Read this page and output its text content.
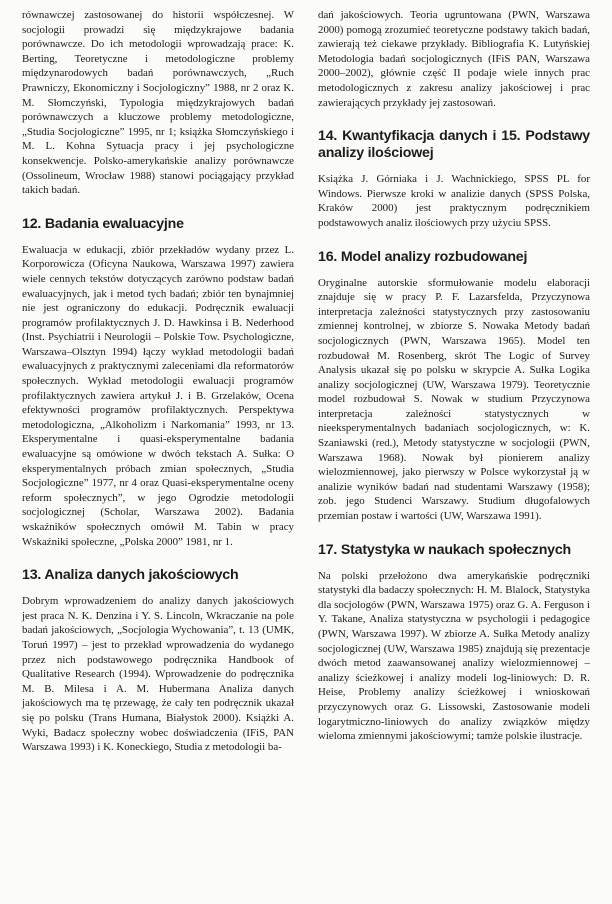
równawczej zastosowanej do historii współczesnej. W socjologii prowadzi się międzykrajowe badania porównawcze. Do ich metodologii wprowadzają prace: K. Berting, Teoretyczne i metodologiczne problemy międzynarodowych badań porównawczych, „Ruch Prawniczy, Ekonomiczny i Socjologiczny” 1988, nr 2 oraz K. M. Słomczyński, Typologia międzykrajowych badań porównawczych a kluczowe problemy metodologiczne, „Studia Socjologiczne” 1995, nr 1; książka Słomczyńskiego i M. L. Kohna Sytuacja pracy i jej psychologiczne konsekwencje. Polsko-amerykańskie analizy porównawcze (Ossolineum, Wrocław 1988) stanowi pociągający przykład takich badań.

12. Badania ewaluacyjne

Ewaluacja w edukacji, zbiór przekładów wydany przez L. Korporowicza (Oficyna Naukowa, Warszawa 1997) zawiera wiele cennych tekstów dotyczących zarówno podstaw badań ewaluacyjnych, jak i metod tych badań; zbiór ten bynajmniej nie jest ograniczony do edukacji. Podręcznik ewaluacji programów profilaktycznych J. D. Hawkinsa i B. Nederhood (Inst. Psychiatrii i Neurologii – Polskie Tow. Psychologiczne, Warszawa–Olsztyn 1994) łączy wykład metodologii badań ewaluacyjnych z praktycznymi zaleceniami dla reformatorów społecznych. Wykład metodologii ewaluacji programów profilaktycznych zawiera artykuł J. i B. Grzelaków, Ocena efektywności programów profilaktycznych. Perspektywa metodologiczna, „Alkoholizm i Narkomania” 1993, nr 13. Eksperymentalne i quasi-eksperymentalne badania ewaluacyjne są omówione w dwóch tekstach A. Sułka: O eksperymentalnych próbach zmian społecznych, „Studia Socjologiczne” 1977, nr 4 oraz Quasi-eksperymentalne oceny reform społecznych”, w jego Ogrodzie metodologii socjologicznej (Scholar, Warszawa 2002). Badania wskaźników społecznych omówił M. Tabin w pracy Wskaźniki społeczne, „Polska 2000” 1981, nr 1.

13. Analiza danych jakościowych

Dobrym wprowadzeniem do analizy danych jakościowych jest praca N. K. Denzina i Y. S. Lincoln, Wkraczanie na pole badań jakościowych, „Socjologia Wychowania”, t. 13 (UMK, Toruń 1997) – jest to przekład wprowadzenia do wydanego przez nich podstawowego podręcznika Handbook of Qualitative Research (1994). Wprowadzenie do podręcznika M. B. Milesa i A. M. Hubermana Analiza danych jakościowych ma tę przewagę, że cały ten podręcznik ukazał się po polsku (Trans Humana, Białystok 2000). Książki A. Wyki, Badacz społeczny wobec doświadczenia (IFiS, PAN Warszawa 1993) i K. Koneckiego, Studia z metodologii ba-

dań jakościowych. Teoria ugruntowana (PWN, Warszawa 2000) pomogą zrozumieć teoretyczne podstawy takich badań, zawierają też ciekawe przykłady. Bibliografia K. Lutyńskiej Metodologia badań socjologicznych (IFiS PAN, Warszawa 2000–2002), głównie część II podaje wiele innych prac metodologicznych z zakresu analizy jakościowej i prac zawierających przykłady jej zastosowań.

14. Kwantyfikacja danych i 15. Podstawy analizy ilościowej

Książka J. Górniaka i J. Wachnickiego, SPSS PL for Windows. Pierwsze kroki w analizie danych (SPSS Polska, Kraków 2000) jest praktycznym podręcznikiem podstawowych analiz ilościowych przy użyciu SPSS.

16. Model analizy rozbudowanej

Oryginalne autorskie sformułowanie modelu elaboracji znajduje się w pracy P. F. Lazarsfelda, Przyczynowa interpretacja zależności statystycznych przy zastosowaniu zmiennej kontrolnej, w zbiorze S. Nowaka Metody badań socjologicznych (PWN, Warszawa 1965). Model ten rozbudował M. Rosenberg, skrót The Logic of Survey Analysis ukazał się po polsku w skrypcie A. Sułka Logika analizy socjologicznej (UW, Warszawa 1979). Teoretycznie model rozbudował S. Nowak w studium Przyczynowa interpretacja zależności statystycznych w nieeksperymentalnych badaniach socjologicznych, w: K. Szaniawski (red.), Metody statystyczne w socjologii (PWN, Warszawa 1968). Nowak był pionierem analizy wielozmiennowej, jako pierwszy w Polsce wykorzystał ją w analizie wyników badań nad studentami Warszawy (1958); zob. jego Studenci Warszawy. Studium długofalowych przemian postaw i wartości (UW, Warszawa 1991).

17. Statystyka w naukach społecznych

Na polski przełożono dwa amerykańskie podręczniki statystyki dla badaczy społecznych: H. M. Blalock, Statystyka dla socjologów (PWN, Warszawa 1975) oraz G. A. Ferguson i Y. Takane, Analiza statystyczna w psychologii i pedagogice (PWN, Warszawa 1997). W zbiorze A. Sułka Metody analizy socjologicznej (UW, Warszawa 1985) znajdują się prezentacje dwóch metod zaawansowanej analizy wielozmiennowej – analizy ścieżkowej i analizy modeli log-liniowych: D. R. Heise, Problemy analizy ścieżkowej i wnioskowań przyczynowych oraz G. Lissowski, Zastosowanie modeli logarytmiczno-liniowych do analizy związków między wieloma zmiennymi jakościowymi; tamże polskie ilustracje.
